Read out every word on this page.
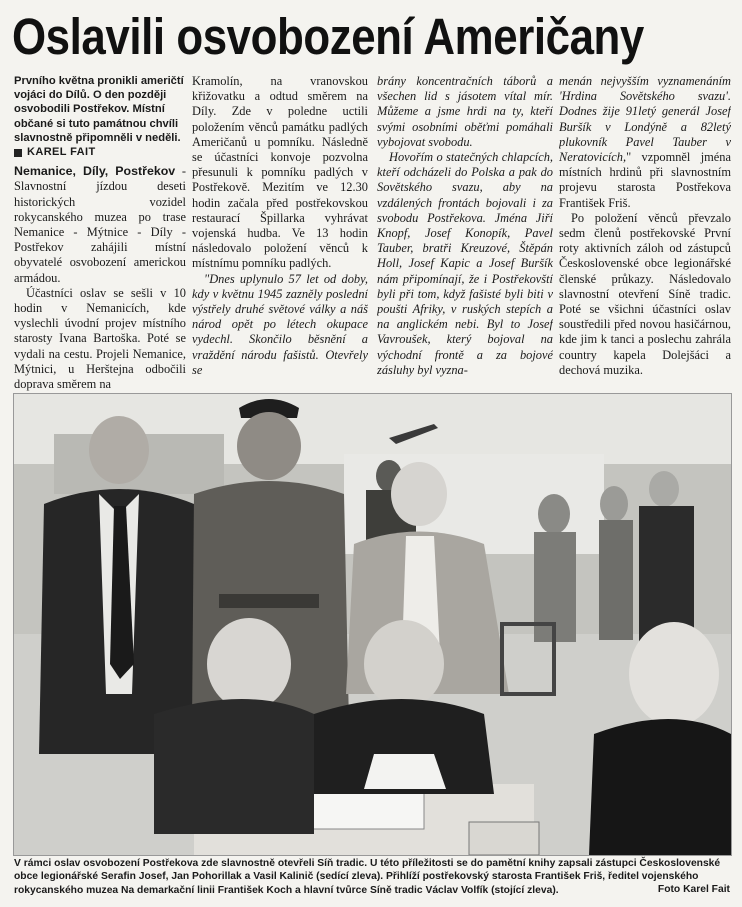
Oslavili osvobození Američany

Prvního května pronikli američtí vojáci do Dílů. O den později osvobodili Postřekov. Místní občané si tuto památnou chvíli slavnostně připomněli v neděli.

KAREL FAIT

Nemanice, Díly, Postřekov - Slavnostní jízdou deseti historických vozidel rokycanského muzea po trase Nemanice - Mýtnice - Díly - Postřekov zahájili místní obyvatelé osvobození americkou armádou.

Účastníci oslav se sešli v 10 hodin v Nemanicích, kde vyslechli úvodní projev místního starosty Ivana Bartoška. Poté se vydali na cestu. Projeli Nemanice, Mýtnici, u Herštejna odbočili doprava směrem na

Kramolín, na vranovskou křižovatku a odtud směrem na Díly. Zde v poledne uctili položením věnců památku padlých Američanů u pomníku. Následně se účastníci konvoje pozvolna přesunuli k pomníku padlých v Postřekově. Mezitím ve 12.30 hodin začala před postřekovskou restaurací Špillarka vyhrávat vojenská hudba. Ve 13 hodin následovalo položení věnců k místnímu pomníku padlých.

"Dnes uplynulo 57 let od doby, kdy v květnu 1945 zazněly poslední výstřely druhé světové války a náš národ opět po létech okupace vydechl. Skončilo běsnění a vraždění národu fašistů. Otevřely se

brány koncentračních táborů a všechen lid s jásotem vítal mír. Můžeme a jsme hrdi na ty, kteří svými osobními oběťmi pomáhali vybojovat svobodu.

Hovořím o statečných chlapcích, kteří odcházeli do Polska a pak do Sovětského svazu, aby na vzdálených frontách bojovali i za svobodu Postřekova. Jména Jiří Knopf, Josef Konopík, Pavel Tauber, bratři Kreuzové, Štěpán Holl, Josef Kapic a Josef Buršík nám připomínají, že i Postřekovští byli při tom, když fašisté byli biti v poušti Afriky, v ruských stepích a na anglickém nebi. Byl to Josef Vavroušek, který bojoval na východní frontě a za bojové zásluhy byl vyzna-

menán nejvyšším vyznamenáním 'Hrdina Sovětského svazu'. Dodnes žije 91letý generál Josef Buršík v Londýně a 82letý plukovník Pavel Tauber v Neratovicích," vzpomněl jména místních hrdinů při slavnostním projevu starosta Postřekova František Friš.

Po položení věnců převzalo sedm členů postřekovské První roty aktivních záloh od zástupců Československé obce legionářské členské průkazy. Následovalo slavnostní otevření Síně tradic. Poté se všichni účastníci oslav soustředili před novou hasičárnou, kde jim k tanci a poslechu zahrála country kapela Dolejšáci a dechová muzika.

V rámci oslav osvobození Postřekova zde slavnostně otevřeli Síň tradic. U této příležitosti se do pamětní knihy zapsali zástupci Československé obce legionářské Serafin Josef, Jan Pohorillak a Vasil Kalinič (sedící zleva). Přihlíží postřekovský starosta František Friš, ředitel vojenského rokycanského muzea Na demarkační linii František Koch a hlavní tvůrce Síně tradic Václav Volfík (stojící zleva).	Foto Karel Fait
